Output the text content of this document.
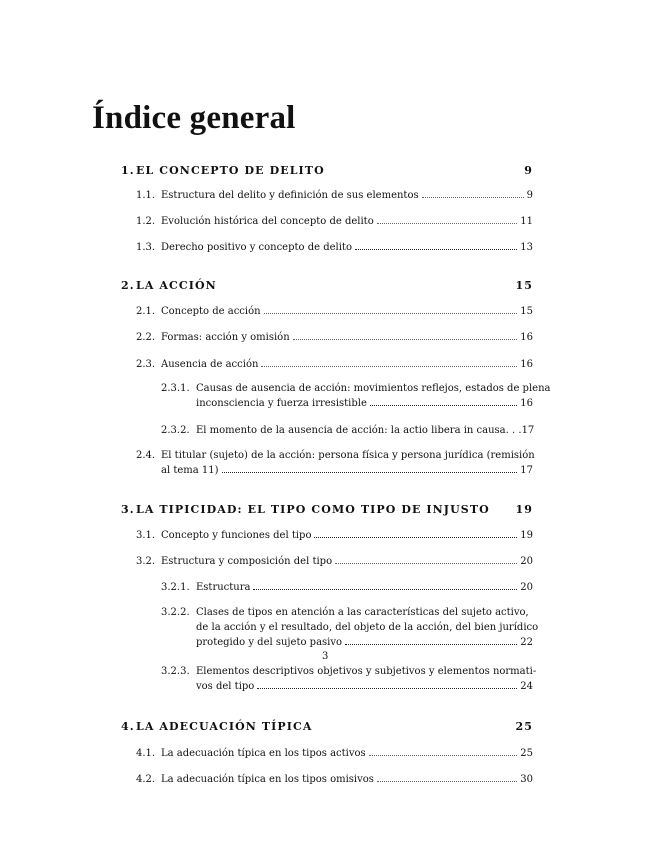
Índice general
1. EL CONCEPTO DE DELITO	9
1.1. Estructura del delito y definición de sus elementos	9
1.2. Evolución histórica del concepto de delito	11
1.3. Derecho positivo y concepto de delito	13
2. LA ACCIÓN	15
2.1. Concepto de acción	15
2.2. Formas: acción y omisión	16
2.3. Ausencia de acción	16
2.3.1. Causas de ausencia de acción: movimientos reflejos, estados de plena
inconsciencia y fuerza irresistible	16
2.3.2. El momento de la ausencia de acción: la actio libera in causa . . . 17
2.4. El titular (sujeto) de la acción: persona física y persona jurídica (remisión
al tema 11)	17
3. LA TIPICIDAD: EL TIPO COMO TIPO DE INJUSTO 19
3.1. Concepto y funciones del tipo	19
3.2. Estructura y composición del tipo	20
3.2.1. Estructura	20
3.2.2. Clases de tipos en atención a las características del sujeto activo,
de la acción y el resultado, del objeto de la acción, del bien jurídico
protegido y del sujeto pasivo	22
3
3.2.3. Elementos descriptivos objetivos y subjetivos y elementos normati-
vos del tipo	24
4. LA ADECUACIÓN TÍPICA	25
4.1. La adecuación típica en los tipos activos	25
4.2. La adecuación típica en los tipos omisivos	30
